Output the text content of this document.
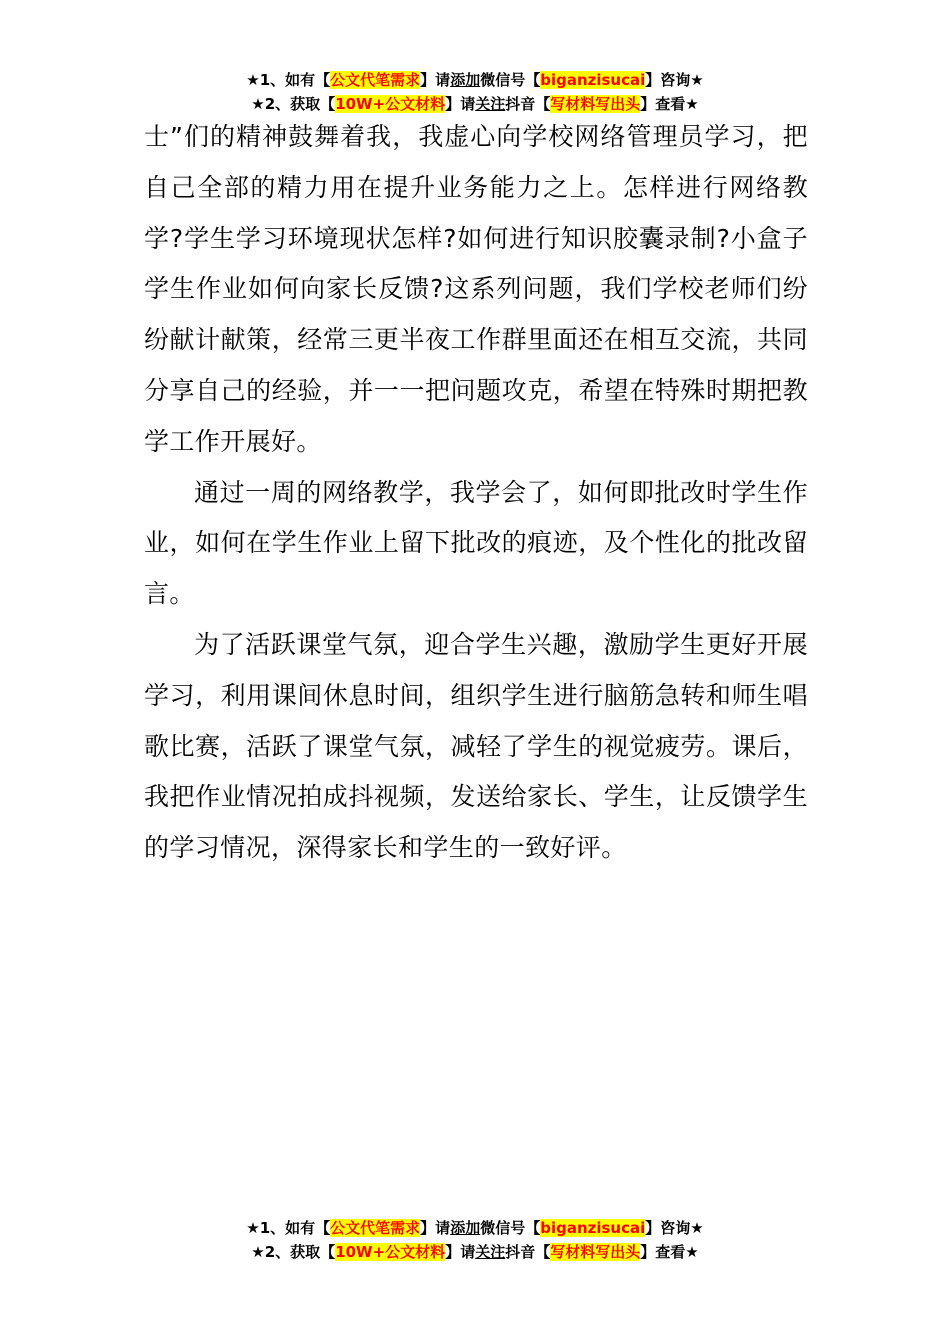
★1、如有【公文代笔需求】请添加微信号【biganzisucai】咨询★
★2、获取【10W+公文材料】请关注抖音【写材料写出头】查看★

士”们的精神鼓舞着我，我虚心向学校网络管理员学习，把自己全部的精力用在提升业务能力之上。怎样进行网络教学?学生学习环境现状怎样?如何进行知识胶囊录制?小盒子学生作业如何向家长反馈?这系列问题，我们学校老师们纷纷献计献策，经常三更半夜工作群里面还在相互交流，共同分享自己的经验，并一一把问题攻克，希望在特殊时期把教学工作开展好。

通过一周的网络教学，我学会了，如何即批改时学生作业，如何在学生作业上留下批改的痕迹，及个性化的批改留言。

为了活跃课堂气氛，迎合学生兴趣，激励学生更好开展学习，利用课间休息时间，组织学生进行脑筋急转和师生唱歌比赛，活跃了课堂气氛，减轻了学生的视觉疲劳。课后，我把作业情况拍成抖视频，发送给家长、学生，让反馈学生的学习情况，深得家长和学生的一致好评。

★1、如有【公文代笔需求】请添加微信号【biganzisucai】咨询★
★2、获取【10W+公文材料】请关注抖音【写材料写出头】查看★
